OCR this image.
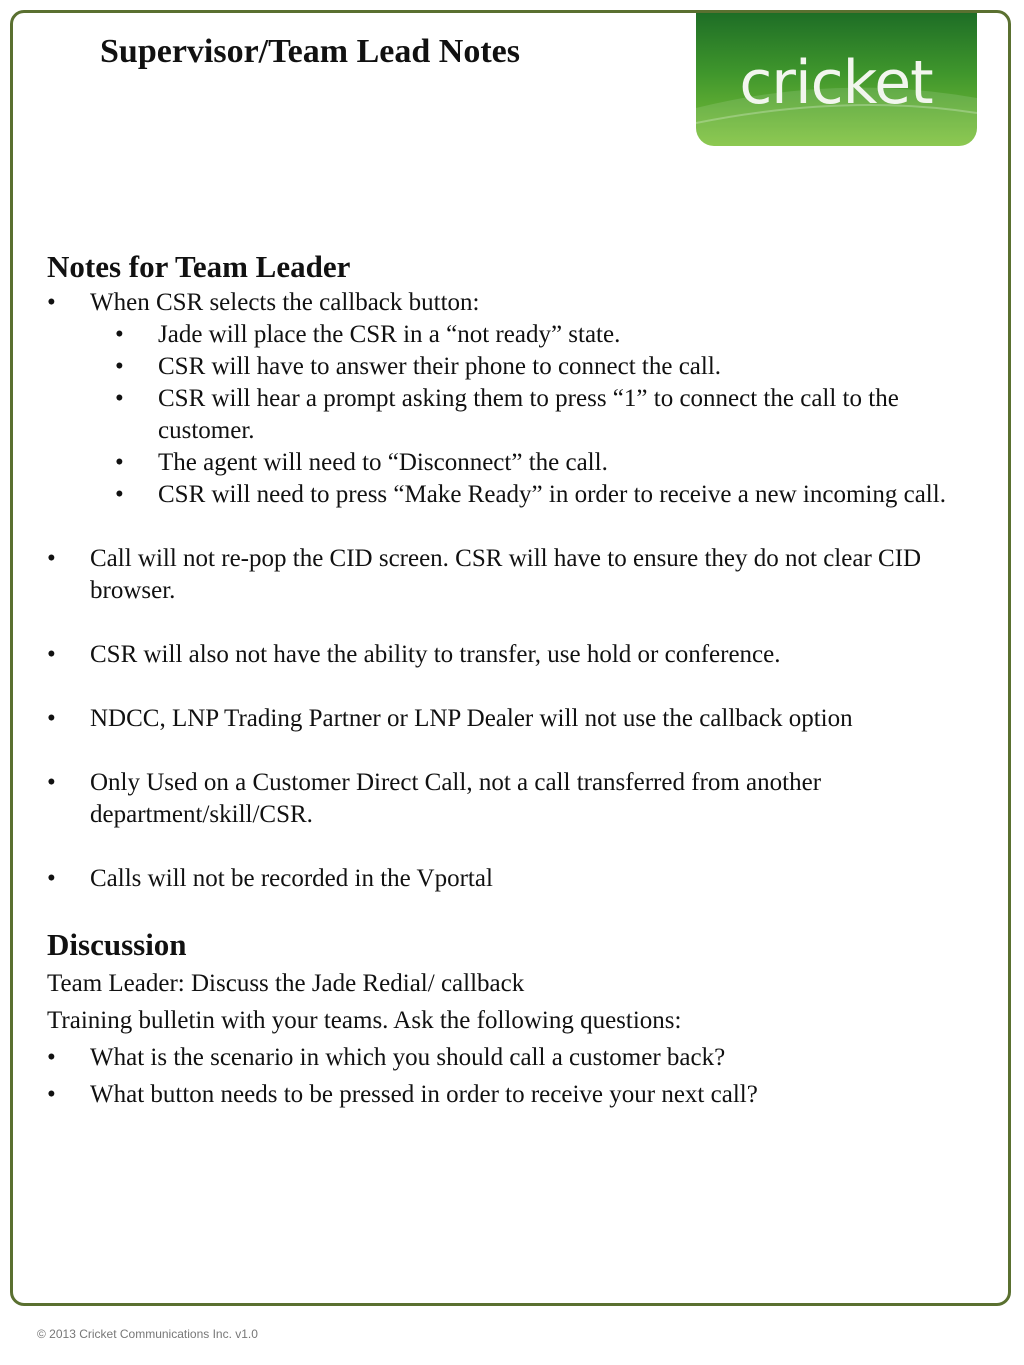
Supervisor/Team Lead Notes	cricket
Notes for Team Leader
• When CSR selects the callback button:
• Jade will place the CSR in a “not ready” state.
• CSR will have to answer their phone to connect the call.
• CSR will hear a prompt asking them to press “1” to connect the call to the customer.
• The agent will need to “Disconnect” the call.
• CSR will need to press “Make Ready” in order to receive a new incoming call.
• Call will not re-pop the CID screen. CSR will have to ensure they do not clear CID browser.
• CSR will also not have the ability to transfer, use hold or conference.
• NDCC, LNP Trading Partner or LNP Dealer will not use the callback option
• Only Used on a Customer Direct Call, not a call transferred from another department/skill/CSR.
• Calls will not be recorded in the Vportal
Discussion

Team Leader: Discuss the Jade Redial/ callback

Training bulletin with your teams. Ask the following questions:

• What is the scenario in which you should call a customer back?
• What button needs to be pressed in order to receive your next call?
© 2013 Cricket Communications Inc. v1.0
